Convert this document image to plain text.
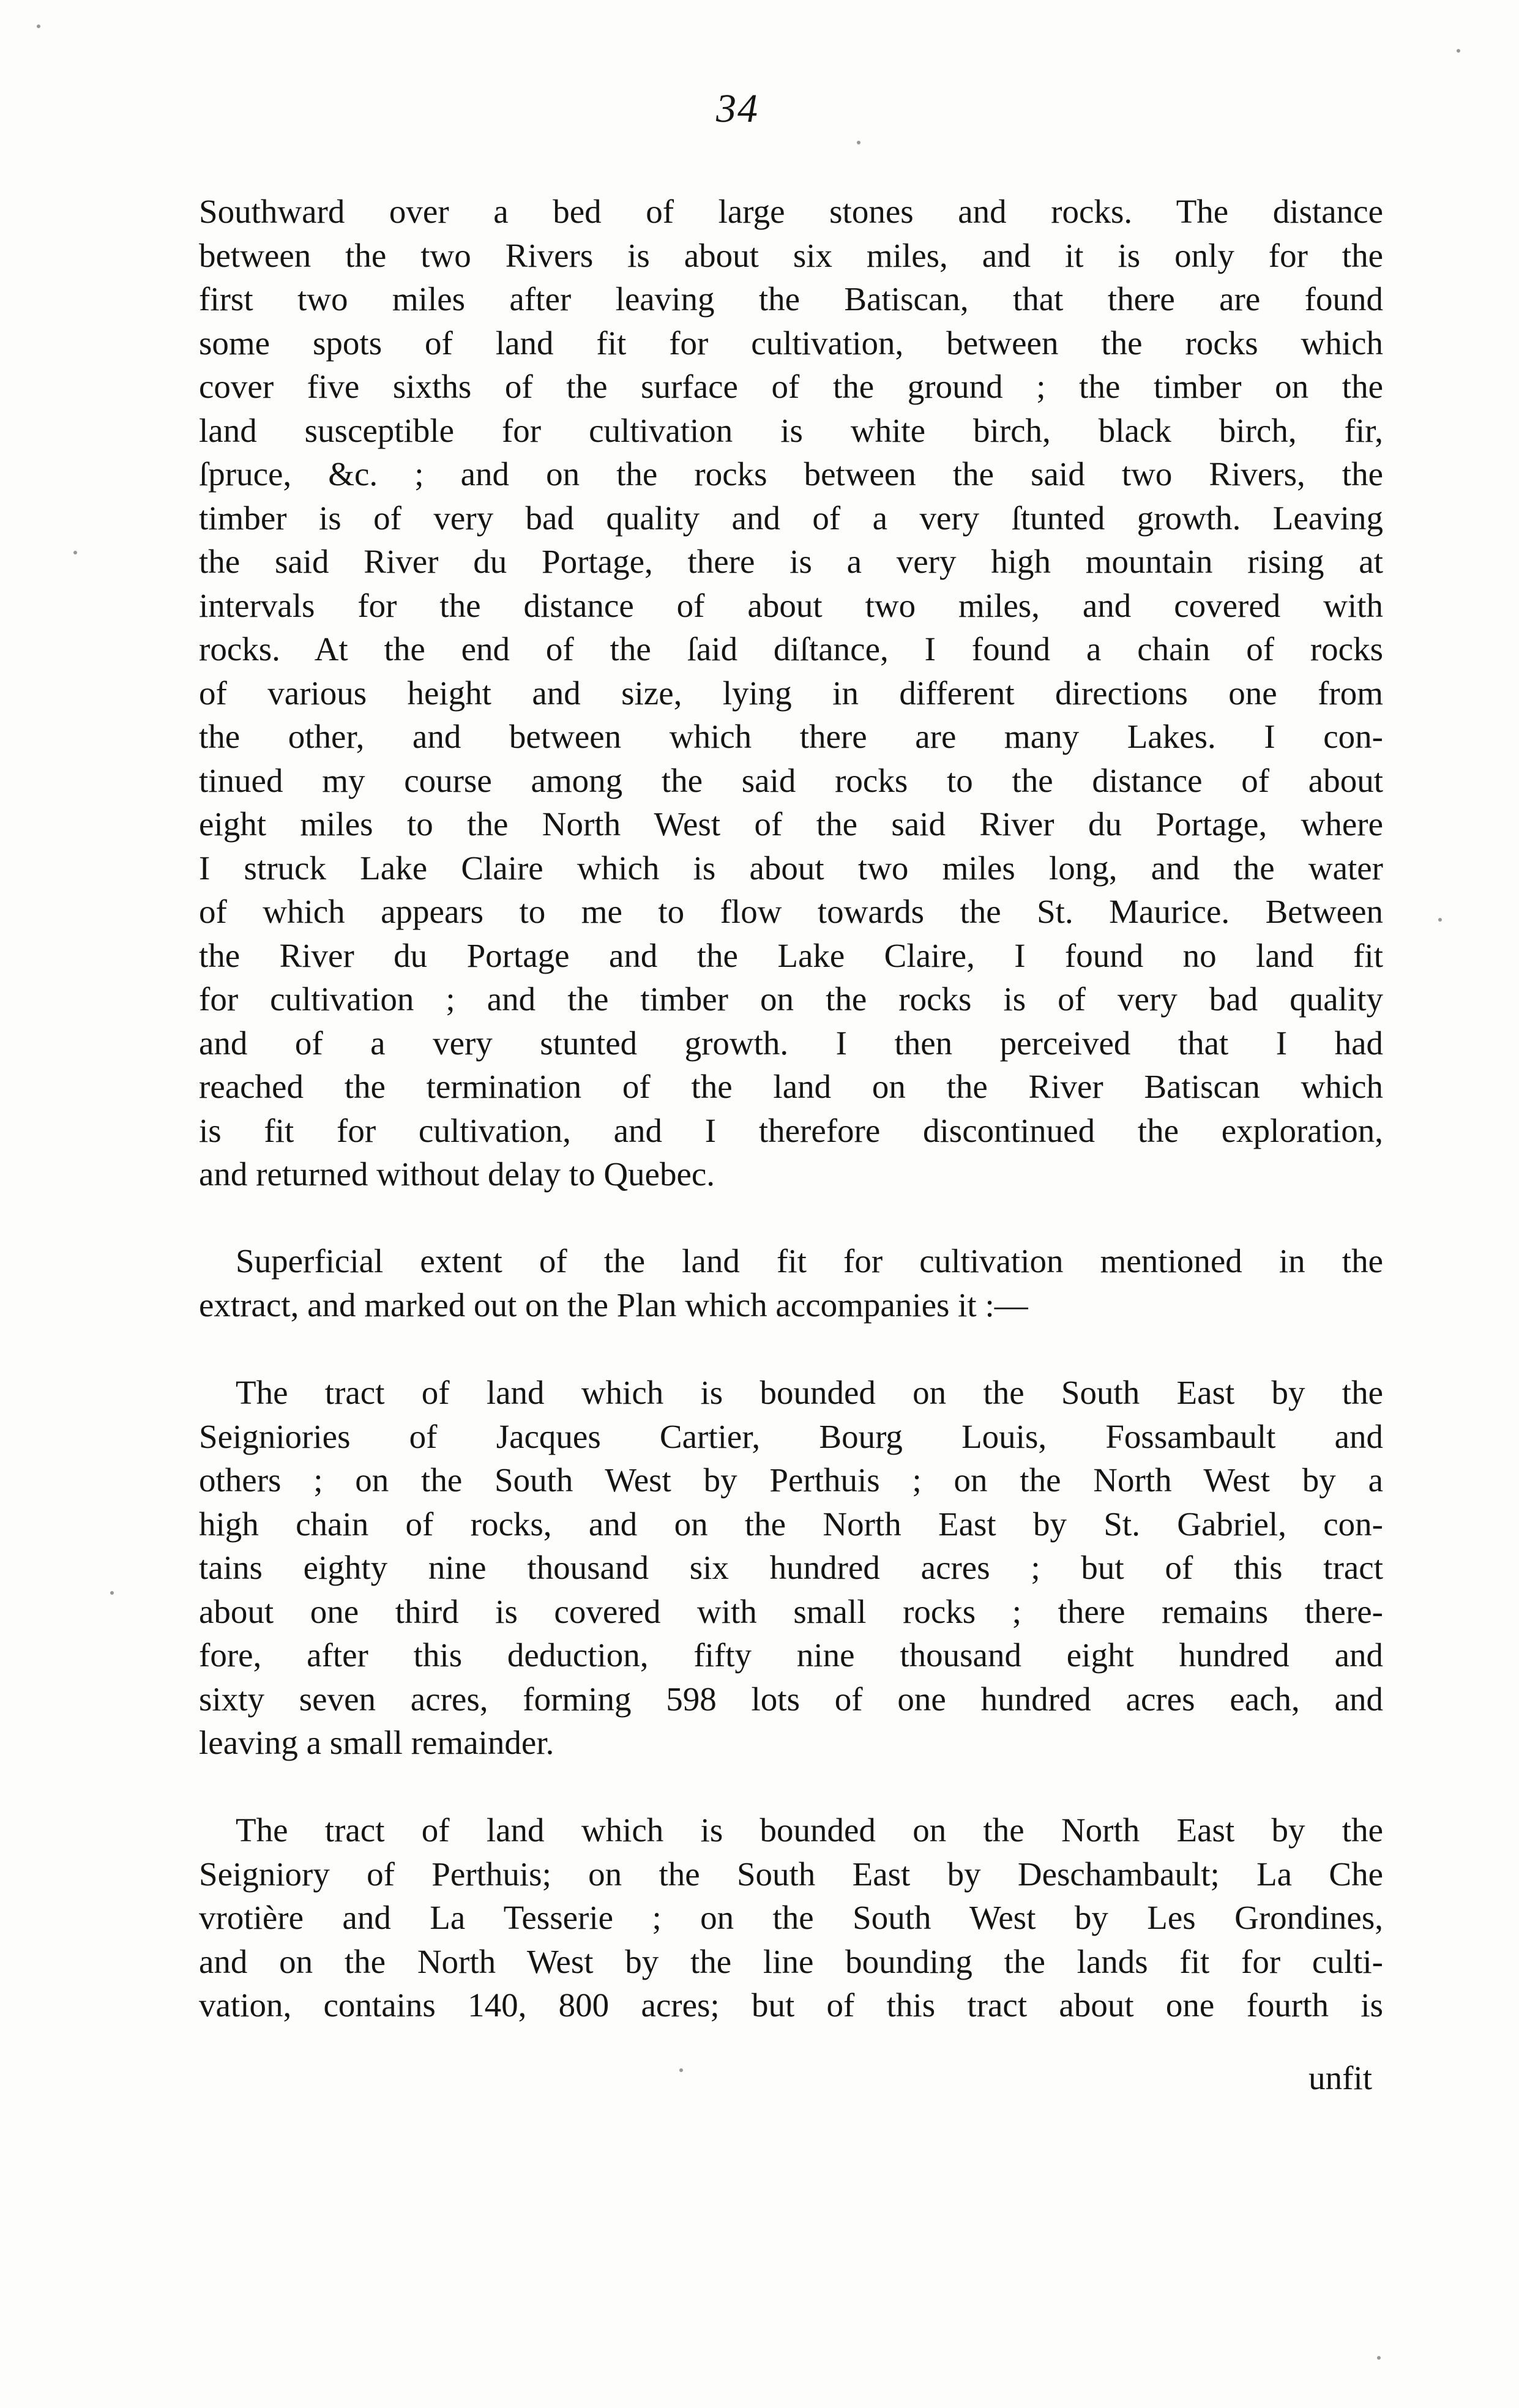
34
Southward over a bed of large stones and rocks. The distance
between the two Rivers is about six miles, and it is only for the
first two miles after leaving the Batiscan, that there are found
some spots of land fit for cultivation, between the rocks which
cover five sixths of the surface of the ground ; the timber on the
land susceptible for cultivation is white birch, black birch, fir,
ſpruce, &c. ; and on the rocks between the said two Rivers, the
timber is of very bad quality and of a very ſtunted growth. Leaving
the said River du Portage, there is a very high mountain rising at
intervals for the distance of about two miles, and covered with
rocks. At the end of the ſaid diſtance, I found a chain of rocks
of various height and size, lying in different directions one from
the other, and between which there are many Lakes. I con-
tinued my course among the said rocks to the distance of about
eight miles to the North West of the said River du Portage, where
I struck Lake Claire which is about two miles long, and the water
of which appears to me to flow towards the St. Maurice. Between
the River du Portage and the Lake Claire, I found no land fit
for cultivation ; and the timber on the rocks is of very bad quality
and of a very stunted growth. I then perceived that I had
reached the termination of the land on the River Batiscan which
is fit for cultivation, and I therefore discontinued the exploration,
and returned without delay to Quebec.
Superficial extent of the land fit for cultivation mentioned in the
extract, and marked out on the Plan which accompanies it :—
The tract of land which is bounded on the South East by the
Seigniories of Jacques Cartier, Bourg Louis, Fossambault and
others ; on the South West by Perthuis ; on the North West by a
high chain of rocks, and on the North East by St. Gabriel, con-
tains eighty nine thousand six hundred acres ; but of this tract
about one third is covered with small rocks ; there remains there-
fore, after this deduction, fifty nine thousand eight hundred and
sixty seven acres, forming 598 lots of one hundred acres each, and
leaving a small remainder.
The tract of land which is bounded on the North East by the
Seigniory of Perthuis; on the South East by Deschambault; La Che
vrotière and La Tesserie ; on the South West by Les Grondines,
and on the North West by the line bounding the lands fit for culti-
vation, contains 140, 800 acres; but of this tract about one fourth is
unfit
